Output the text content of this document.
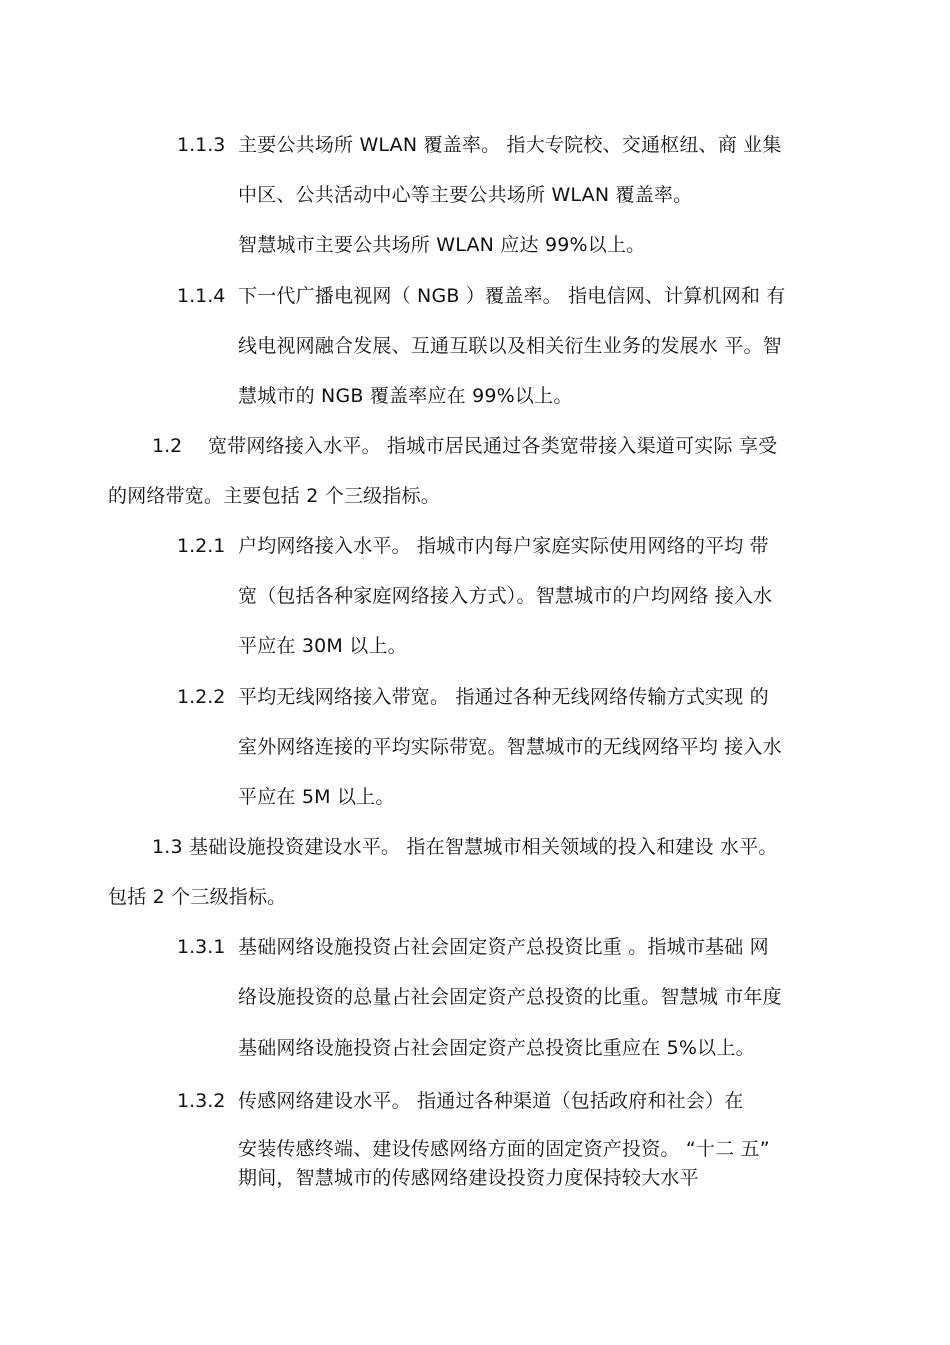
1.1.3 主要公共场所 WLAN 覆盖率。 指大专院校、交通枢纽、商 业集
中区、公共活动中心等主要公共场所 WLAN 覆盖率。
智慧城市主要公共场所 WLAN 应达 99%以上。
1.1.4 下一代广播电视网（ NGB ）覆盖率。 指电信网、计算机网和 有
线电视网融合发展、互通互联以及相关衍生业务的发展水 平。智
慧城市的 NGB 覆盖率应在 99%以上。
1.2 宽带网络接入水平。 指城市居民通过各类宽带接入渠道可实际 享受
的网络带宽。主要包括 2 个三级指标。
1.2.1 户均网络接入水平。 指城市内每户家庭实际使用网络的平均 带
宽（包括各种家庭网络接入方式）。智慧城市的户均网络 接入水
平应在 30M 以上。
1.2.2 平均无线网络接入带宽。 指通过各种无线网络传输方式实现 的
室外网络连接的平均实际带宽。智慧城市的无线网络平均 接入水
平应在 5M 以上。
1.3 基础设施投资建设水平。 指在智慧城市相关领域的投入和建设 水平。
包括 2 个三级指标。
1.3.1 基础网络设施投资占社会固定资产总投资比重 。指城市基础 网
络设施投资的总量占社会固定资产总投资的比重。智慧城 市年度
基础网络设施投资占社会固定资产总投资比重应在 5%以上。
1.3.2 传感网络建设水平。 指通过各种渠道（包括政府和社会）在
安装传感终端、建设传感网络方面的固定资产投资。 “十二 五”
期间，智慧城市的传感网络建设投资力度保持较大水平
